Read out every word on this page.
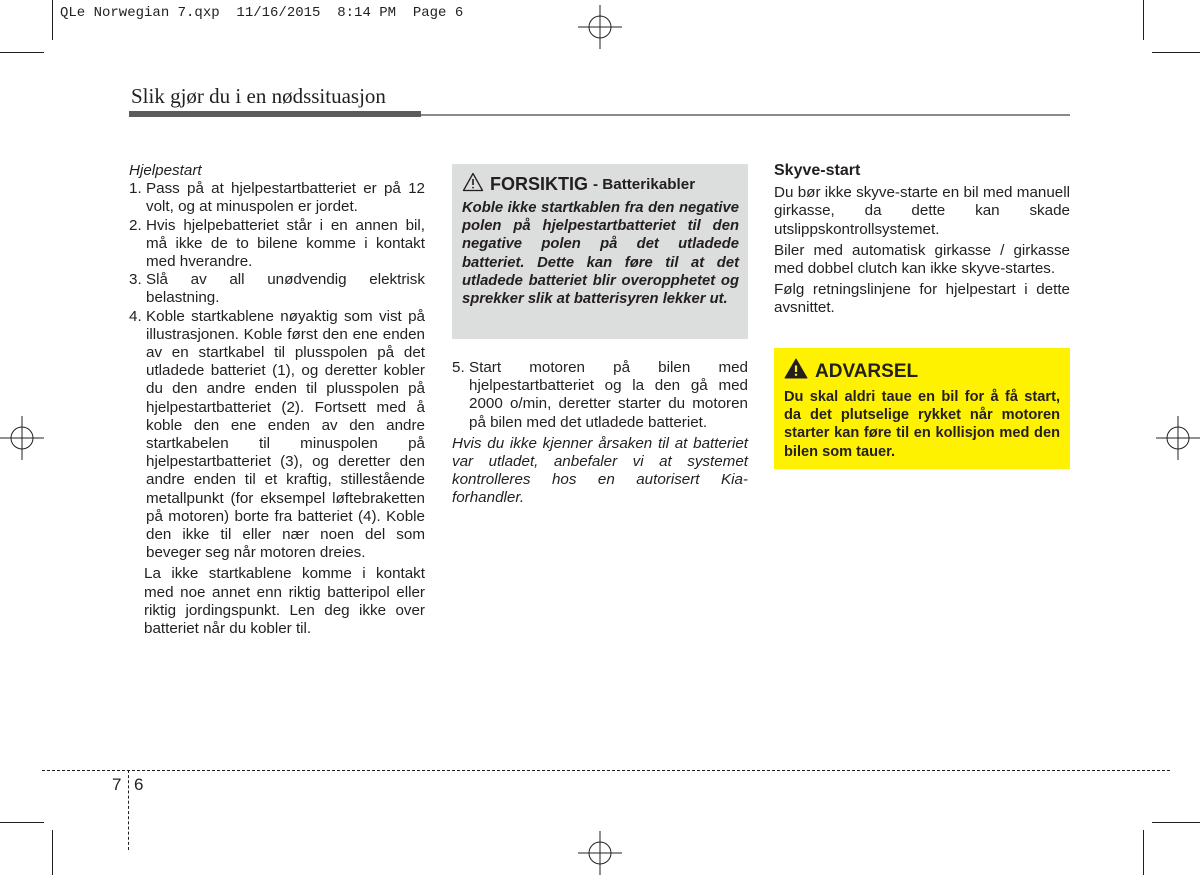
QLe Norwegian 7.qxp  11/16/2015  8:14 PM  Page 6
Slik gjør du i en nødssituasjon
Hjelpestart
1. Pass på at hjelpestartbatteriet er på 12 volt, og at minuspolen er jordet.
2. Hvis hjelpebatteriet står i en annen bil, må ikke de to bilene komme i kontakt med hverandre.
3. Slå av all unødvendig elektrisk belastning.
4. Koble startkablene nøyaktig som vist på illustrasjonen. Koble først den ene enden av en startkabel til plusspolen på det utladede batteriet (1), og deretter kobler du den andre enden til plusspolen på hjelpestartbatteriet (2). Fortsett med å koble den ene enden av den andre startkabelen til minuspolen på hjelpestartbatteriet (3), og deretter den andre enden til et kraftig, stillestående metallpunkt (for eksempel løftebraketten på motoren) borte fra batteriet (4). Koble den ikke til eller nær noen del som beveger seg når motoren dreies.
La ikke startkablene komme i kontakt med noe annet enn riktig batteripol eller riktig jordingspunkt. Len deg ikke over batteriet når du kobler til.
FORSIKTIG - Batterikabler
Koble ikke startkablen fra den negative polen på hjelpestartbatteriet til den negative polen på det utladede batteriet. Dette kan føre til at det utladede batteriet blir overopphetet og sprekker slik at batterisyren lekker ut.
5. Start motoren på bilen med hjelpestartbatteriet og la den gå med 2000 o/min, deretter starter du motoren på bilen med det utladede batteriet.
Hvis du ikke kjenner årsaken til at batteriet var utladet, anbefaler vi at systemet kontrolleres hos en autorisert Kia-forhandler.
Skyve-start

Du bør ikke skyve-starte en bil med manuell girkasse, da dette kan skade utslippskontrollsystemet.

Biler med automatisk girkasse / girkasse med dobbel clutch kan ikke skyve-startes.

Følg retningslinjene for hjelpestart i dette avsnittet.

ADVARSEL
Du skal aldri taue en bil for å få start, da det plutselige rykket når motoren starter kan føre til en kollisjon med den bilen som tauer.
7 6
